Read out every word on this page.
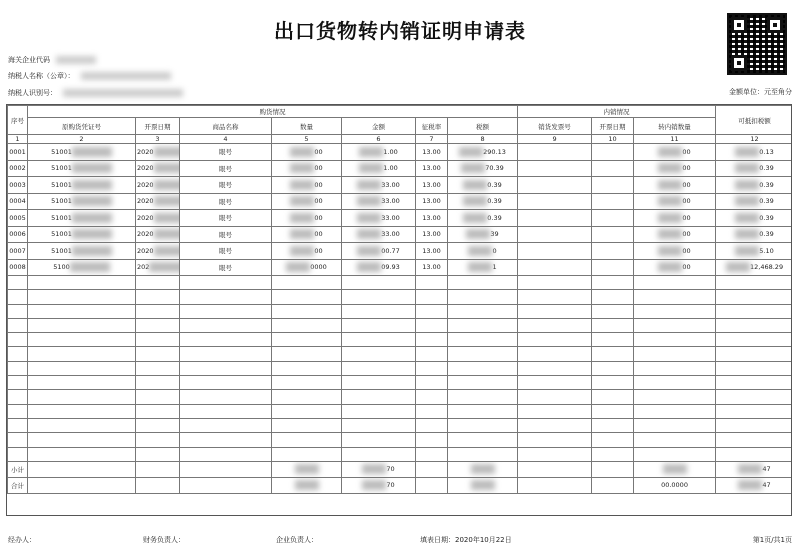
出口货物转内销证明申请表
海关企业代码
纳税人名称（公章）：
纳税人识别号：	金额单位：元至角分
序号	购货情况							内销情况			可抵扣税额
	原购货凭证号	开票日期	商品名称	数量	金额	征税率	税额	销货发票号	开票日期	转内销数量	
1	2	3	4	5	6	7	8	9	10	11	12
0001	51001	2020	眼号	00	1.00	13.00	290.13			00	0.13
0002	51001	2020	眼号	00	1.00	13.00	70.39			00	0.39
0003	51001	2020	眼号	00	33.00	13.00	0.39			00	0.39
0004	51001	2020	眼号	00	33.00	13.00	0.39			00	0.39
0005	51001	2020	眼号	00	33.00	13.00	0.39			00	0.39
0006	51001	2020	眼号	00	33.00	13.00	39			00	0.39
0007	51001	2020	眼号	00	00.77	13.00	0			00	5.10
0008	5100	202	眼号	0000	09.93	13.00	1			00	12,468.29

小计					70						47
合计					70					00.0000	47
经办人：	财务负责人：	企业负责人：	填表日期：2020年10月22日	第1页/共1页
